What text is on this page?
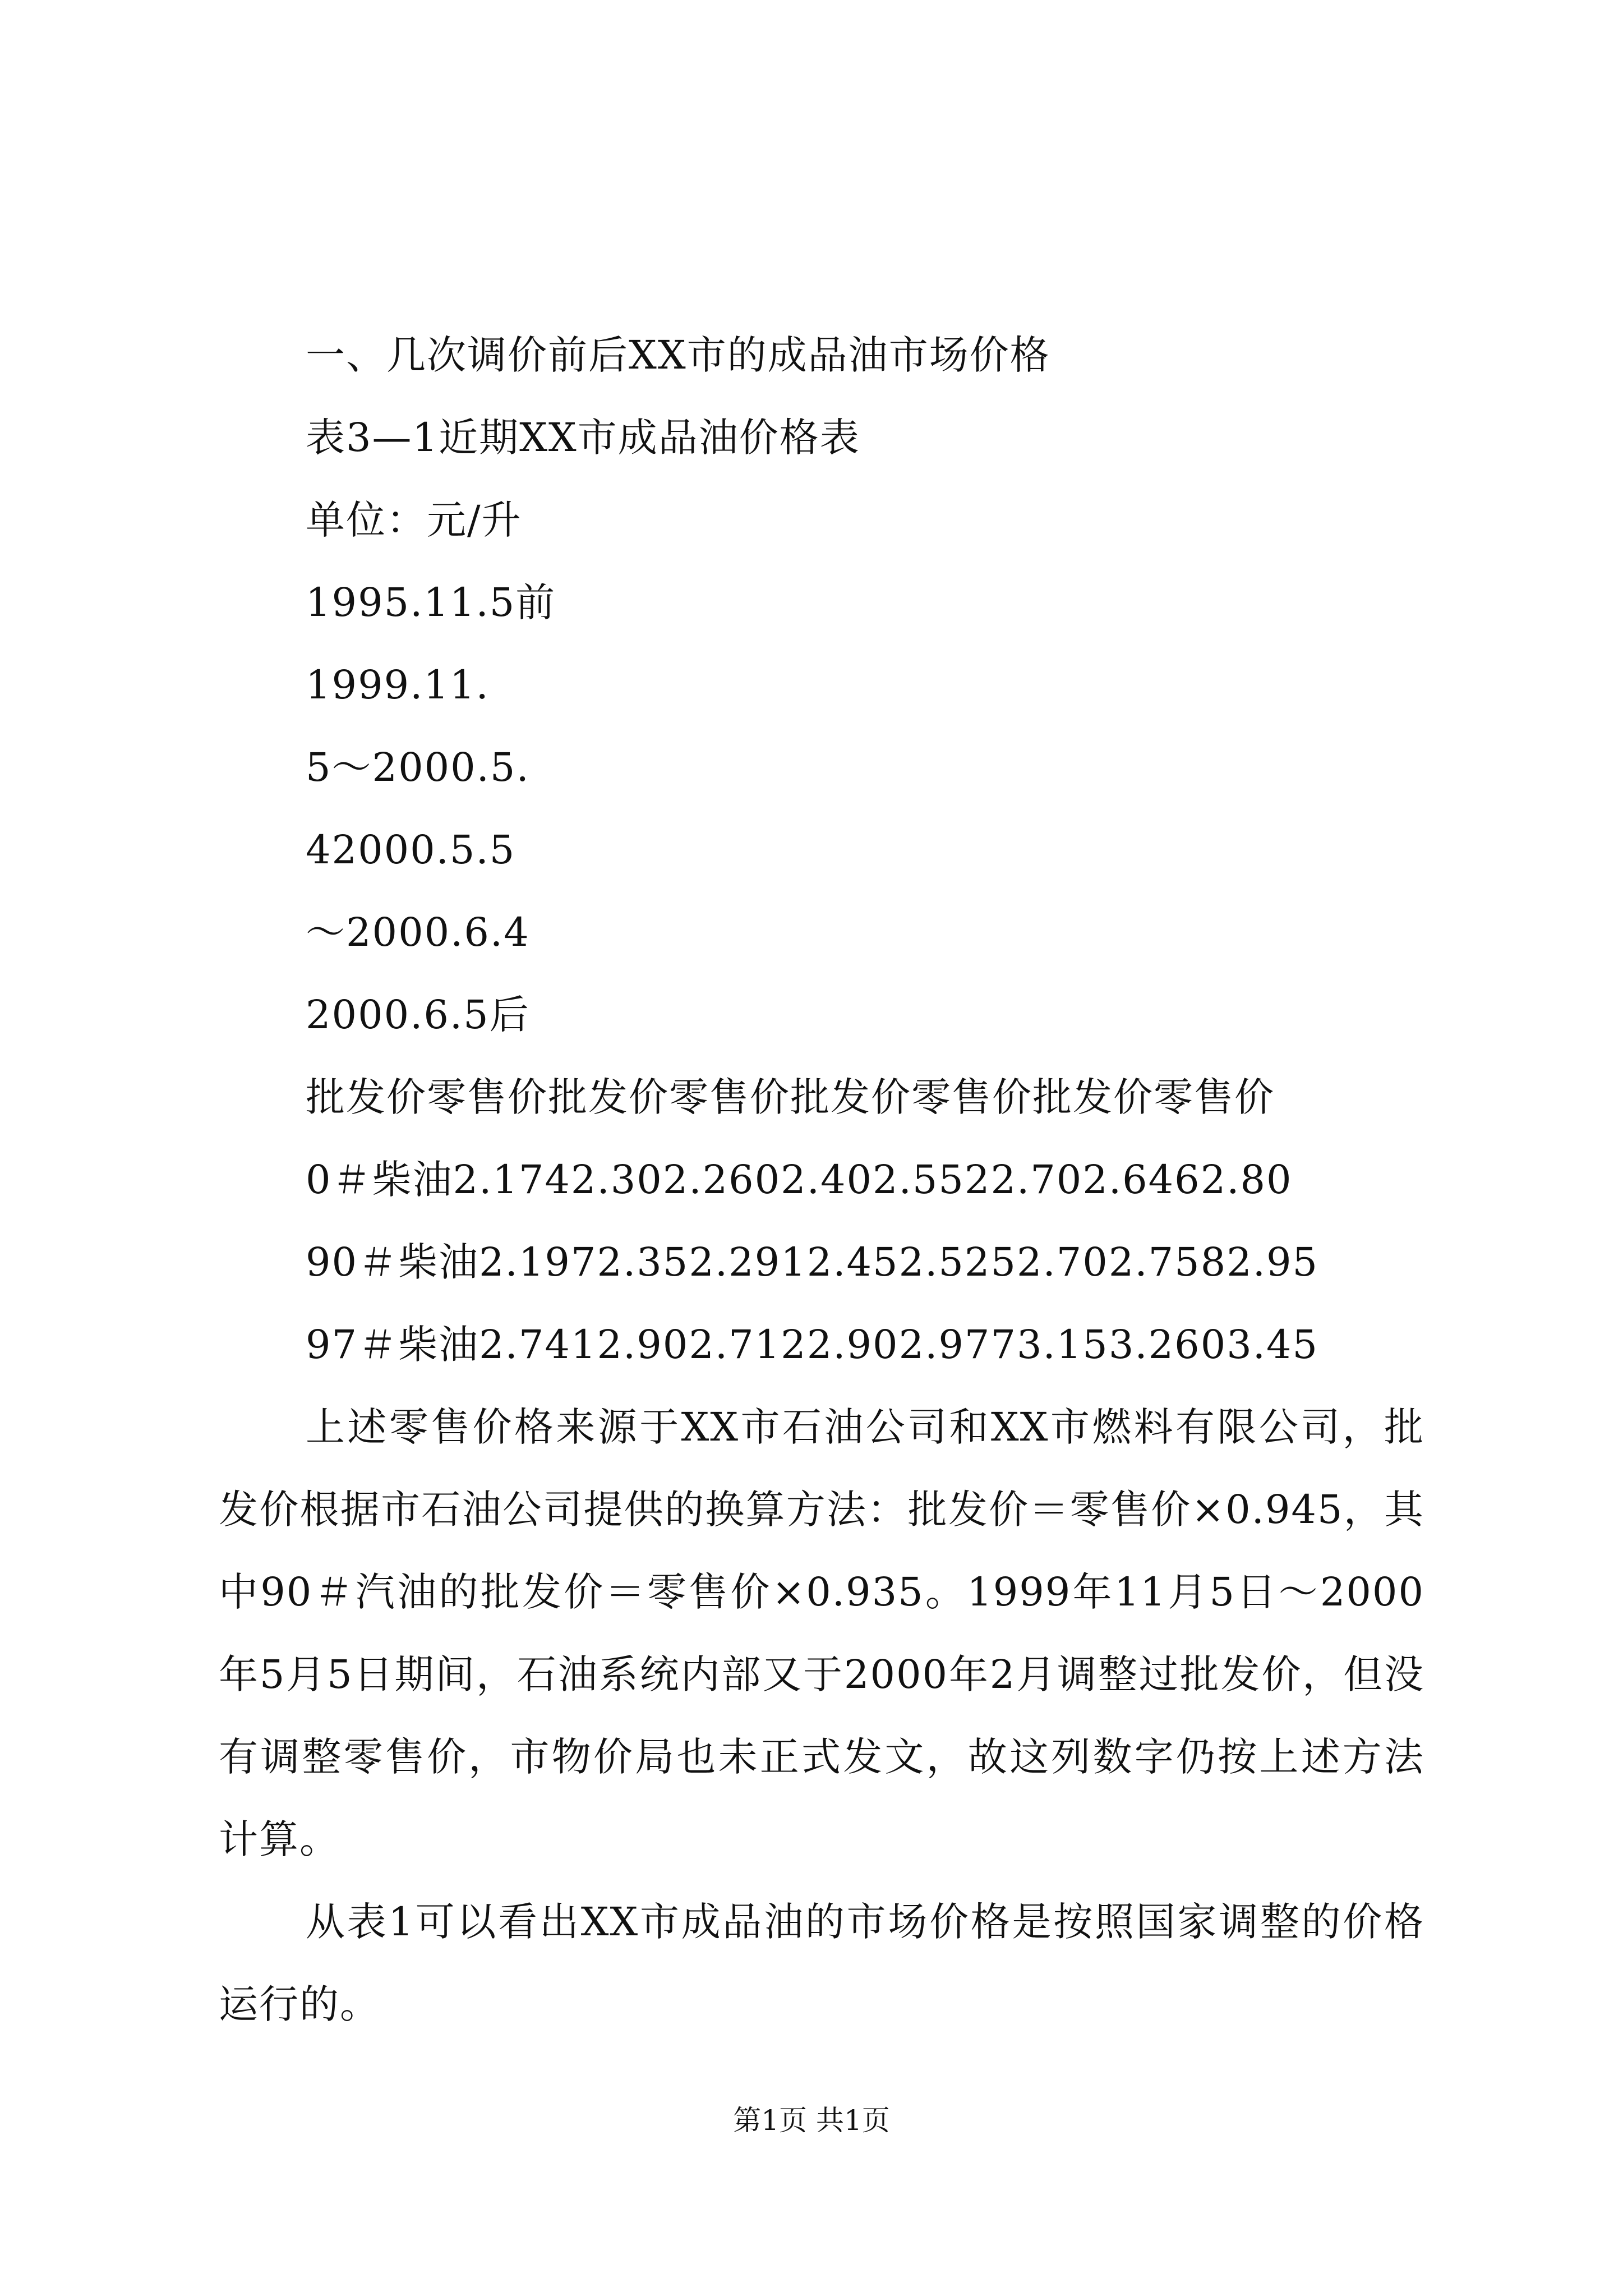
一、几次调价前后XX市的成品油市场价格
表3—1近期XX市成品油价格表
单位：元/升
1995.11.5前
1999.11.
5～2000.5.
42000.5.5
～2000.6.4
2000.6.5后
批发价零售价批发价零售价批发价零售价批发价零售价
0＃柴油2.1742.302.2602.402.5522.702.6462.80
90＃柴油2.1972.352.2912.452.5252.702.7582.95
97＃柴油2.7412.902.7122.902.9773.153.2603.45

上述零售价格来源于XX市石油公司和XX市燃料有限公司，批发价根据市石油公司提供的换算方法：批发价＝零售价×0.945，其中90＃汽油的批发价＝零售价×0.935。1999年11月5日～2000年5月5日期间，石油系统内部又于2000年2月调整过批发价，但没有调整零售价，市物价局也未正式发文，故这列数字仍按上述方法计算。

从表1可以看出XX市成品油的市场价格是按照国家调整的价格运行的。

第1页 共1页
